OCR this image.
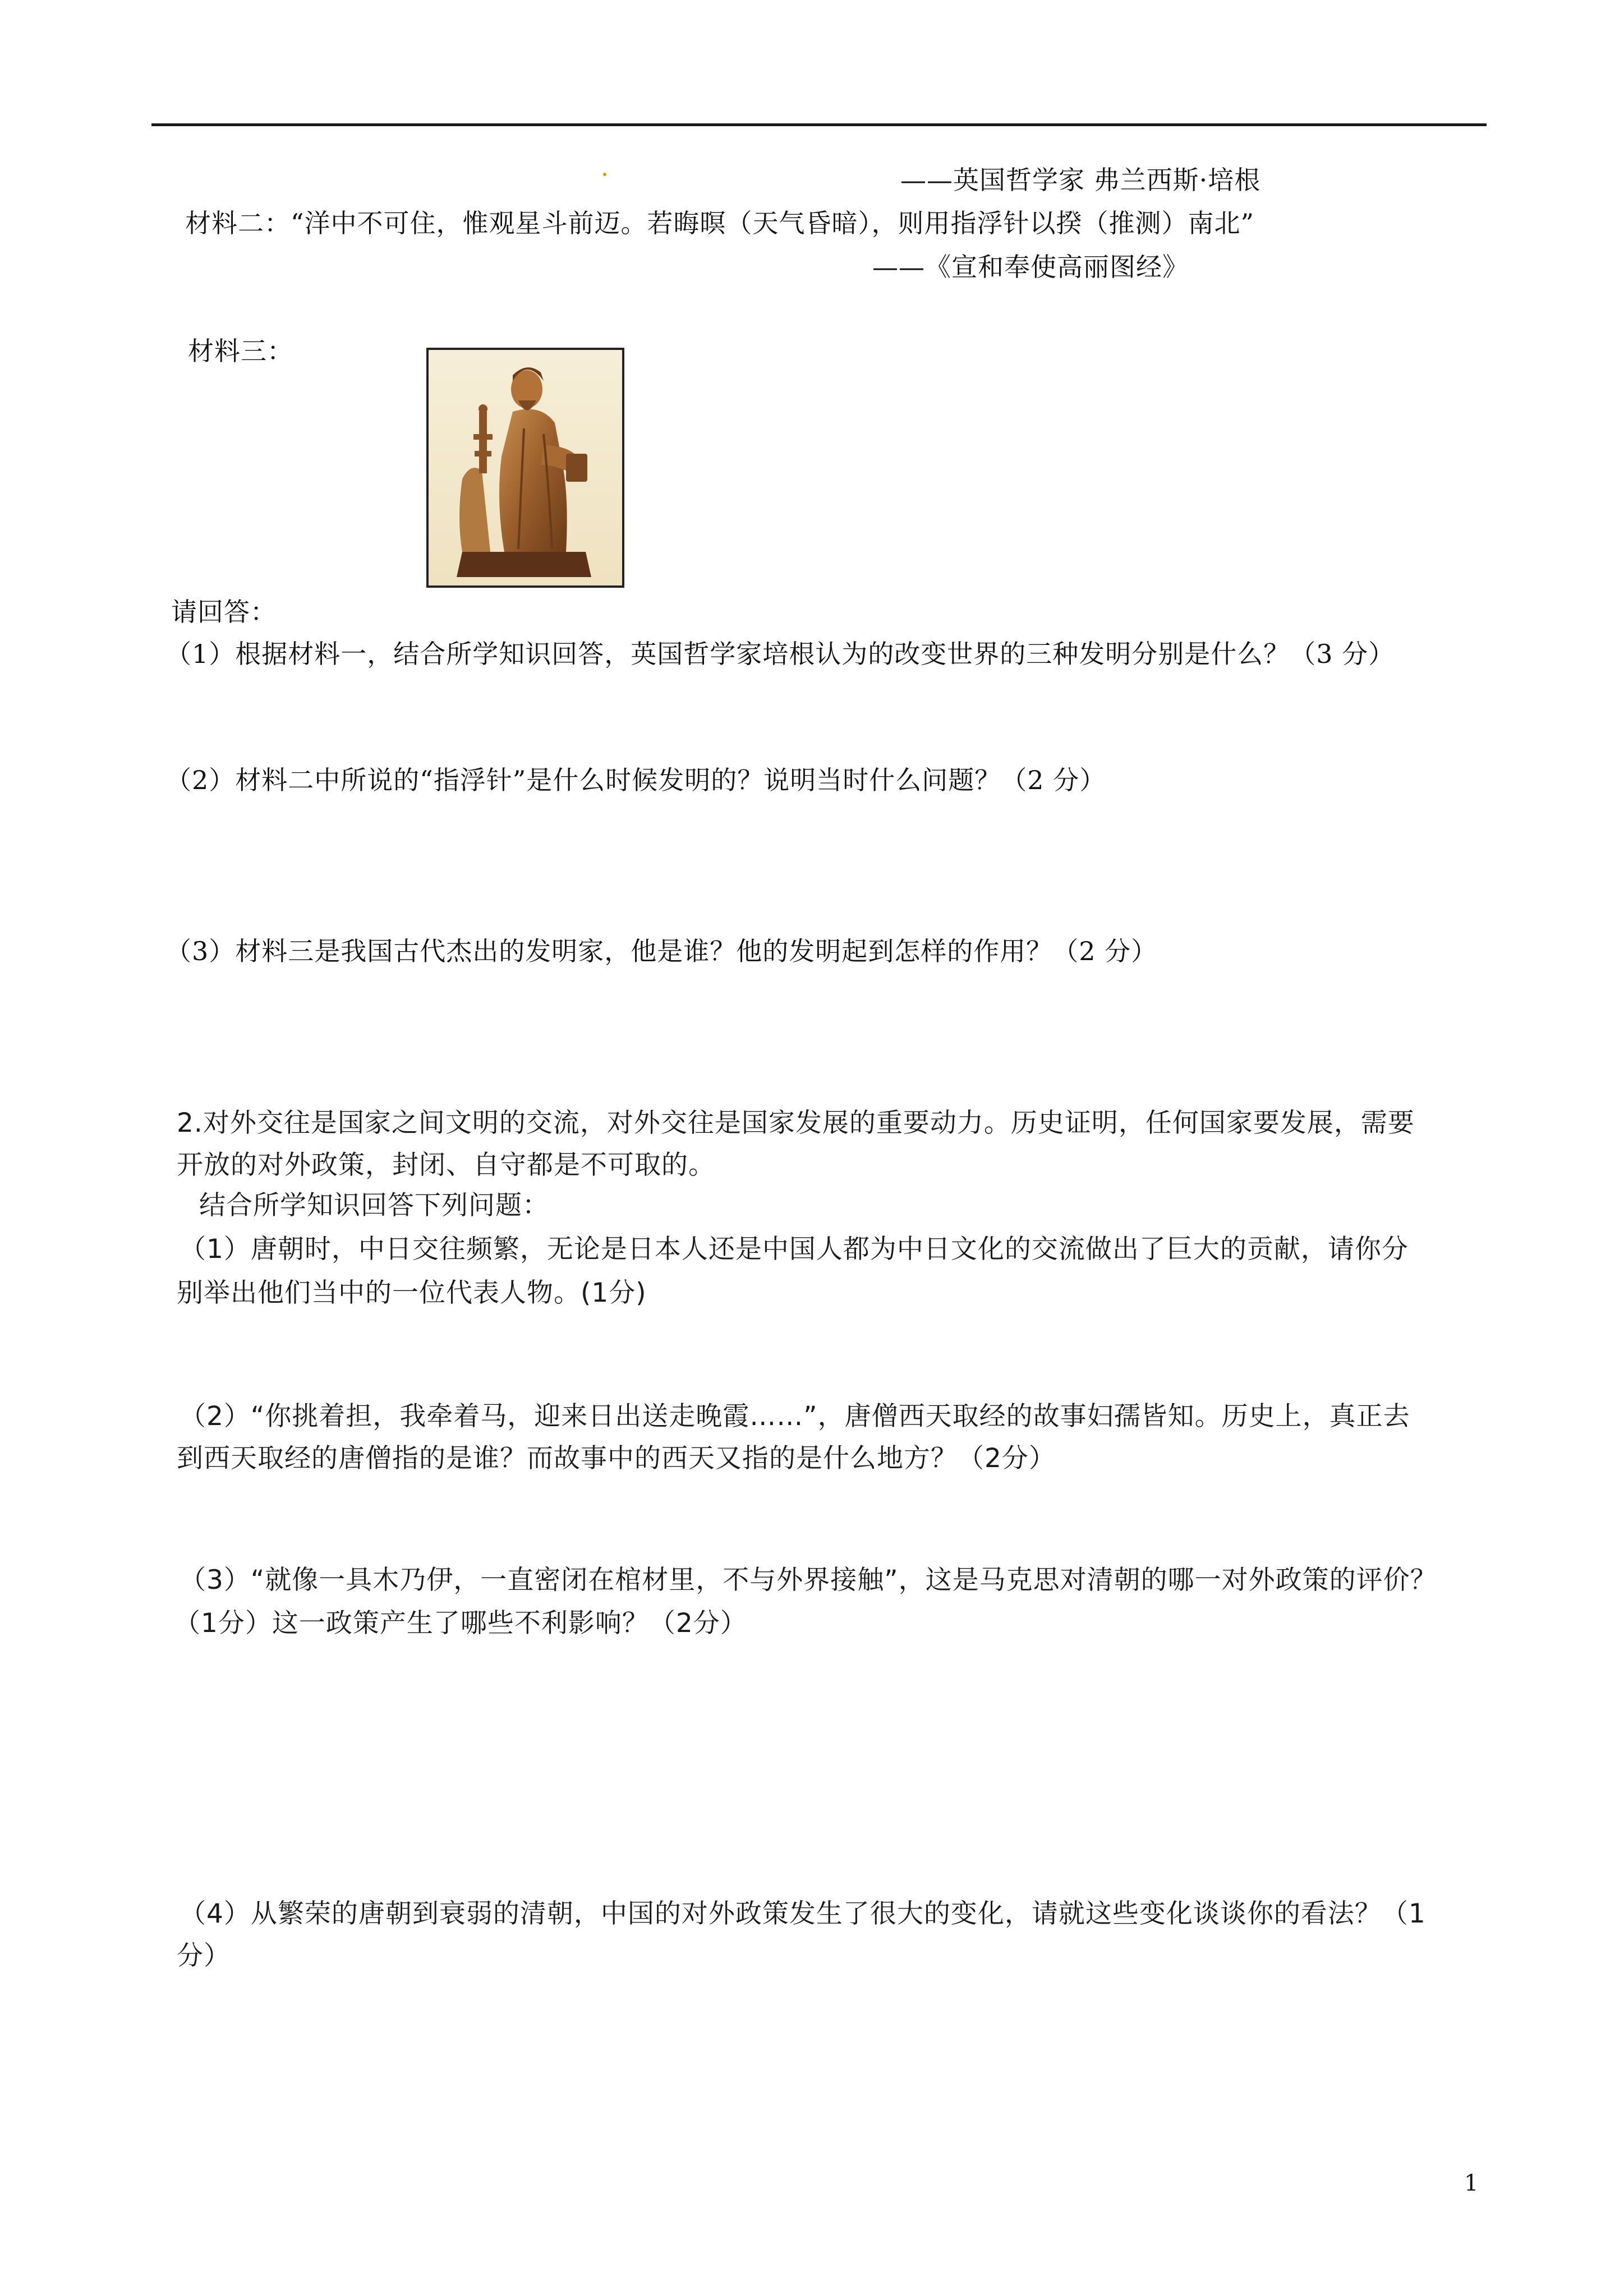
——英国哲学家 弗兰西斯·培根
材料二：“洋中不可住，惟观星斗前迈。若晦暝（天气昏暗），则用指浮针以揆（推测）南北”
——《宣和奉使高丽图经》
材料三：
请回答：
（1）根据材料一，结合所学知识回答，英国哲学家培根认为的改变世界的三种发明分别是什么？（3 分）
（2）材料二中所说的“指浮针”是什么时候发明的？说明当时什么问题？（2 分）
（3）材料三是我国古代杰出的发明家，他是谁？他的发明起到怎样的作用？（2 分）
2.对外交往是国家之间文明的交流，对外交往是国家发展的重要动力。历史证明，任何国家要发展，需要
开放的对外政策，封闭、自守都是不可取的。
结合所学知识回答下列问题：
（1）唐朝时，中日交往频繁，无论是日本人还是中国人都为中日文化的交流做出了巨大的贡献，请你分
别举出他们当中的一位代表人物。(1分)
（2）“你挑着担，我牵着马，迎来日出送走晚霞……”，唐僧西天取经的故事妇孺皆知。历史上，真正去
到西天取经的唐僧指的是谁？而故事中的西天又指的是什么地方？（2分）
（3）“就像一具木乃伊，一直密闭在棺材里，不与外界接触”，这是马克思对清朝的哪一对外政策的评价？
（1分）这一政策产生了哪些不利影响？（2分）
（4）从繁荣的唐朝到衰弱的清朝，中国的对外政策发生了很大的变化，请就这些变化谈谈你的看法？（1
分）
1
